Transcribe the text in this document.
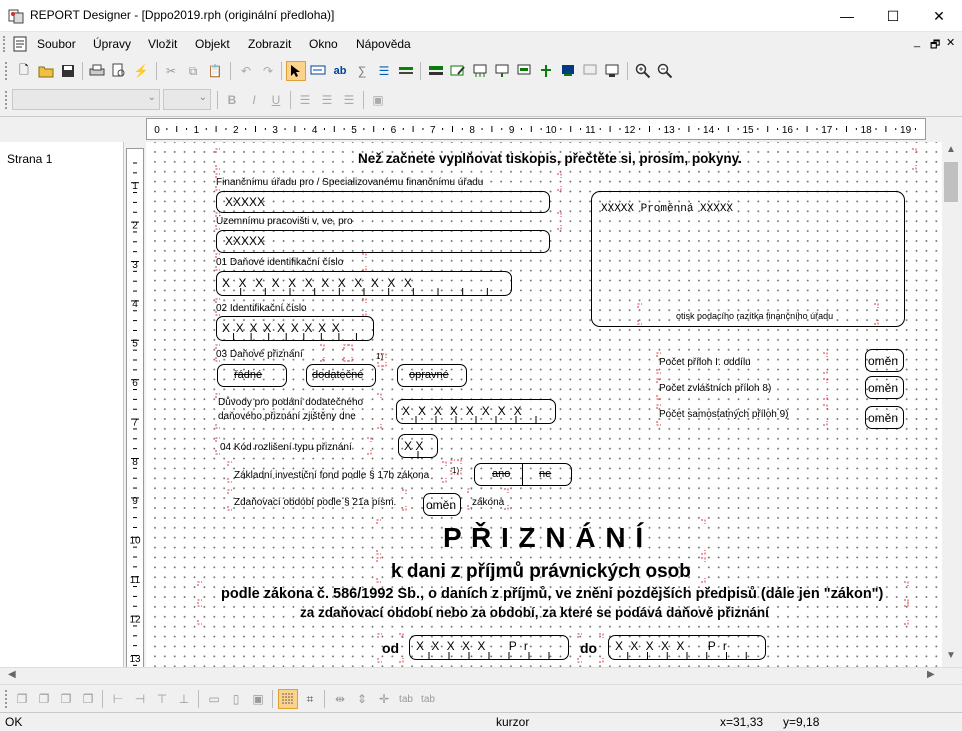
REPORT Designer - [Dppo2019.rph (originální předloha)]	—	☐	✕
Soubor Úpravy Vložit Objekt Zobrazit Okno Nápověda	_ 🗗 ✕
🗋	⚡	✂	⧉ 📋	↶ ↷	ab ∑	☰
⌄	⌄	B	I	U	☰ ☰ ☰	▣
0	1	2	3	4	5	6	7	8	9	10	11	12	13	14	15	16	17	18	19
Strana 1
1
2
3
4
5
6
7
8
9
10
11
12
13
Než začnete vyplňovat tiskopis, přečtěte si, prosím, pokyny.
Finančnímu úřadu pro / Specializovanému finančnímu úřadu
XXXXX
Územnímu pracovišti v, ve, pro
XXXXX
01 Daňové identifikační číslo
X X X X X X X X X X X X
02 Identifikační číslo
X X X X X X X X X
XXXXX Proměnná XXXXX
otisk podacího razítka finančního úřadu
03 Daňové přiznání	1)
řádné	dodatečné	opravné
Důvody pro podání dodatečného
daňového přiznání zjištěny dne	X X X X X X X X
04 Kód rozlišení typu přiznání	X X
Základní investiční fond podle § 17b zákona	1)	ano	ne
Zdaňovací období podle § 21a písm. oměn zákona
Počet příloh I. oddílu	oměn
Počet zvláštních příloh 8)	oměn
Počet samostatných příloh 9)	oměn
P Ř I Z N Á N Í
k dani z příjmů právnických osob
podle zákona č. 586/1992 Sb., o daních z příjmů, ve znění pozdějších předpisů (dále jen "zákon")
za zdaňovací období nebo za období, za které se podává daňové přiznání
od X X X X X    P r	do X X X X X    P r
▲
▼
◀	▶
❐ ❐ ❐ ❐	⊢ ⊣ ⊤ ⊥	▭	▯	▣	⌗	⇹ ⇕ ✛	tab tab
OK	kurzor	x=31,33 y=9,18
